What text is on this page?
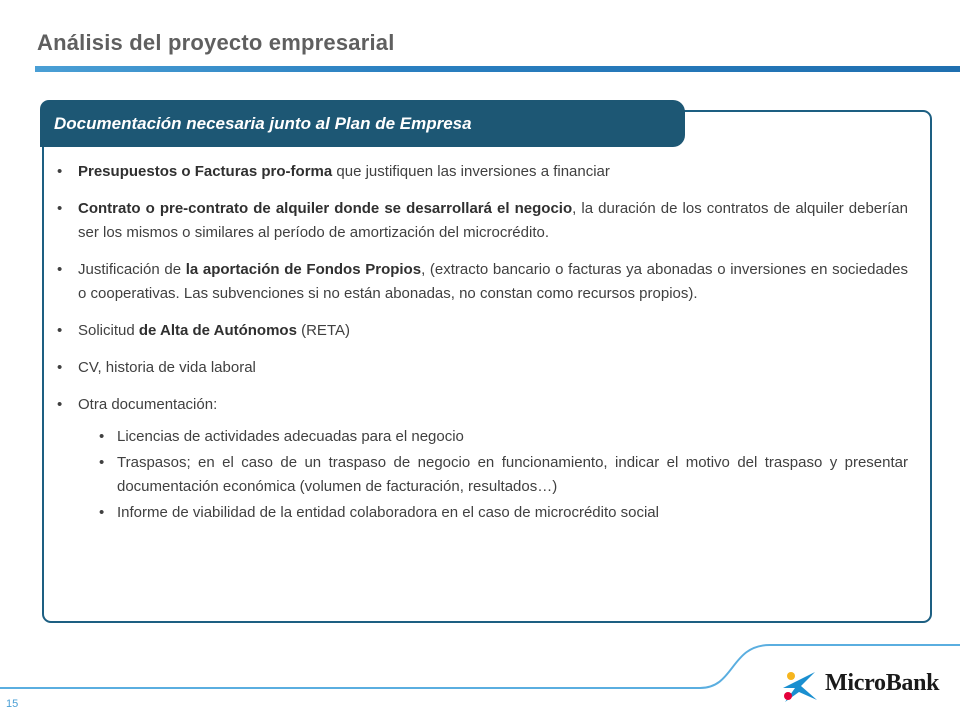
Análisis del proyecto empresarial
Documentación necesaria junto al Plan de Empresa
• Presupuestos o Facturas pro-forma que justifiquen las inversiones a financiar
• Contrato o pre-contrato de alquiler donde se desarrollará el negocio, la duración de los contratos de alquiler deberían ser los mismos o similares al período de amortización del microcrédito.
• Justificación de la aportación de Fondos Propios, (extracto bancario o facturas ya abonadas o inversiones en sociedades o cooperativas. Las subvenciones si no están abonadas, no constan como recursos propios).
• Solicitud de Alta de Autónomos (RETA)
• CV, historia de vida laboral
• Otra documentación:
• Licencias de actividades adecuadas para el negocio
• Traspasos; en el caso de un traspaso de negocio en funcionamiento, indicar el motivo del traspaso y presentar documentación económica (volumen de facturación, resultados…)
• Informe de viabilidad de la entidad colaboradora en el caso de microcrédito social
15
MicroBank
